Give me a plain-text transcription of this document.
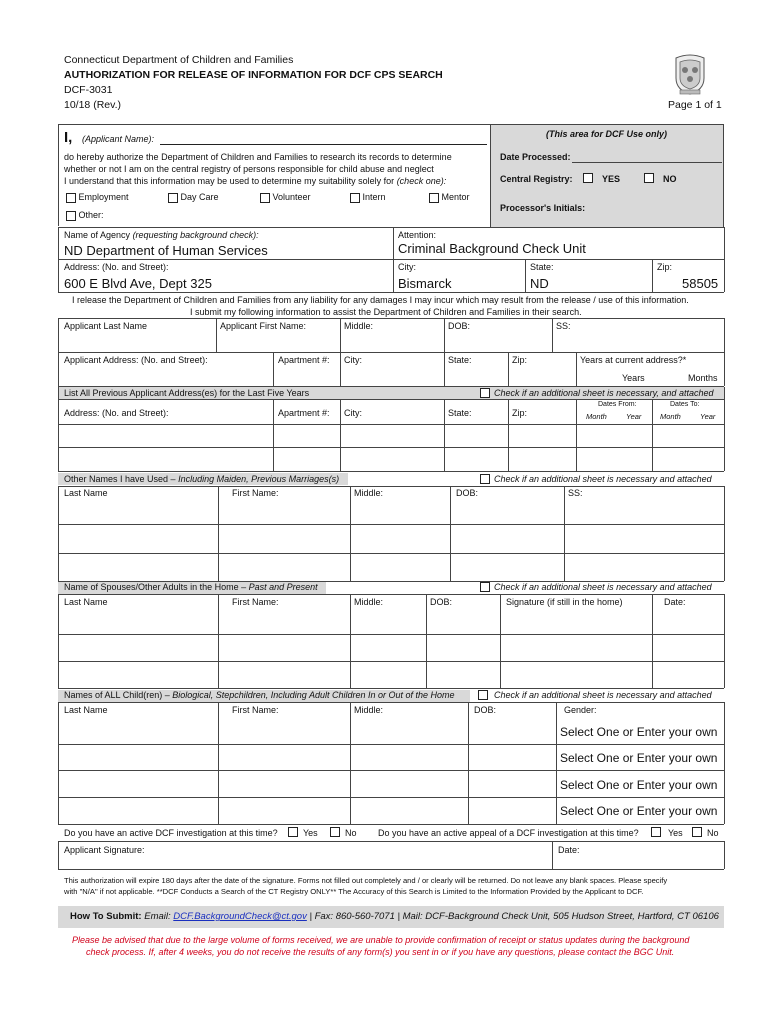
Connecticut Department of Children and Families
AUTHORIZATION FOR RELEASE OF INFORMATION FOR DCF CPS SEARCH
DCF-3031
10/18 (Rev.)	Page 1 of 1
I, (Applicant Name):
do hereby authorize the Department of Children and Families to research its records to determine
whether or not I am on the central registry of persons responsible for child abuse and neglect
I understand that this information may be used to determine my suitability solely for (check one):
Employment	Day Care	Volunteer	Intern	Mentor
Other:
(This area for DCF Use only)
Date Processed:
Central Registry:	YES	NO
Processor's Initials:
Name of Agency (requesting background check):
ND Department of Human Services
Attention:
Criminal Background Check Unit
Address: (No. and Street):
600 E Blvd Ave, Dept 325
City:
Bismarck
State:
ND
Zip:
58505
I release the Department of Children and Families from any liability for any damages I may incur which may result from the release / use of this information.
I submit my following information to assist the Department of Children and Families in their search.
Applicant Last Name	Applicant First Name:	Middle:	DOB:	SS:
Applicant Address: (No. and Street):	Apartment #: City:	State:	Zip:	Years at current address?*
Years	Months
List All Previous Applicant Address(es) for the Last Five Years	Check if an additional sheet is necessary, and attached
Address: (No. and Street):	Apartment #: City:	State:	Zip:
Dates From:	Dates To:
Month	Year Month	Year
Other Names I have Used – Including Maiden, Previous Marriages(s)	Check if an additional sheet is necessary and attached
Last Name	First Name:	Middle:	DOB:	SS:
Name of Spouses/Other Adults in the Home – Past and Present	Check if an additional sheet is necessary and attached
Last Name	First Name:	Middle:	DOB:	Signature (if still in the home)	Date:
Names of ALL Child(ren) – Biological, Stepchildren, Including Adult Children In or Out of the Home	Check if an additional sheet is necessary and attached
Last Name	First Name:	Middle:	DOB:	Gender:
Select One or Enter your own
Select One or Enter your own
Select One or Enter your own
Select One or Enter your own
Do you have an active DCF investigation at this time?	Yes	No Do you have an active appeal of a DCF investigation at this time?	Yes	No
Applicant Signature:	Date:
This authorization will expire 180 days after the date of the signature. Forms not filled out completely and / or clearly will be returned. Do not leave any blank spaces. Please specify
with "N/A" if not applicable. **DCF Conducts a Search of the CT Registry ONLY** The Accuracy of this Search is Limited to the Information Provided by the Applicant to DCF.
How To Submit: Email: DCF.BackgroundCheck@ct.gov | Fax: 860-560-7071 | Mail: DCF-Background Check Unit, 505 Hudson Street, Hartford, CT 06106
Please be advised that due to the large volume of forms received, we are unable to provide confirmation of receipt or status updates during the background
check process. If, after 4 weeks, you do not receive the results of any form(s) you sent in or if you have any questions, please contact the BGC Unit.
